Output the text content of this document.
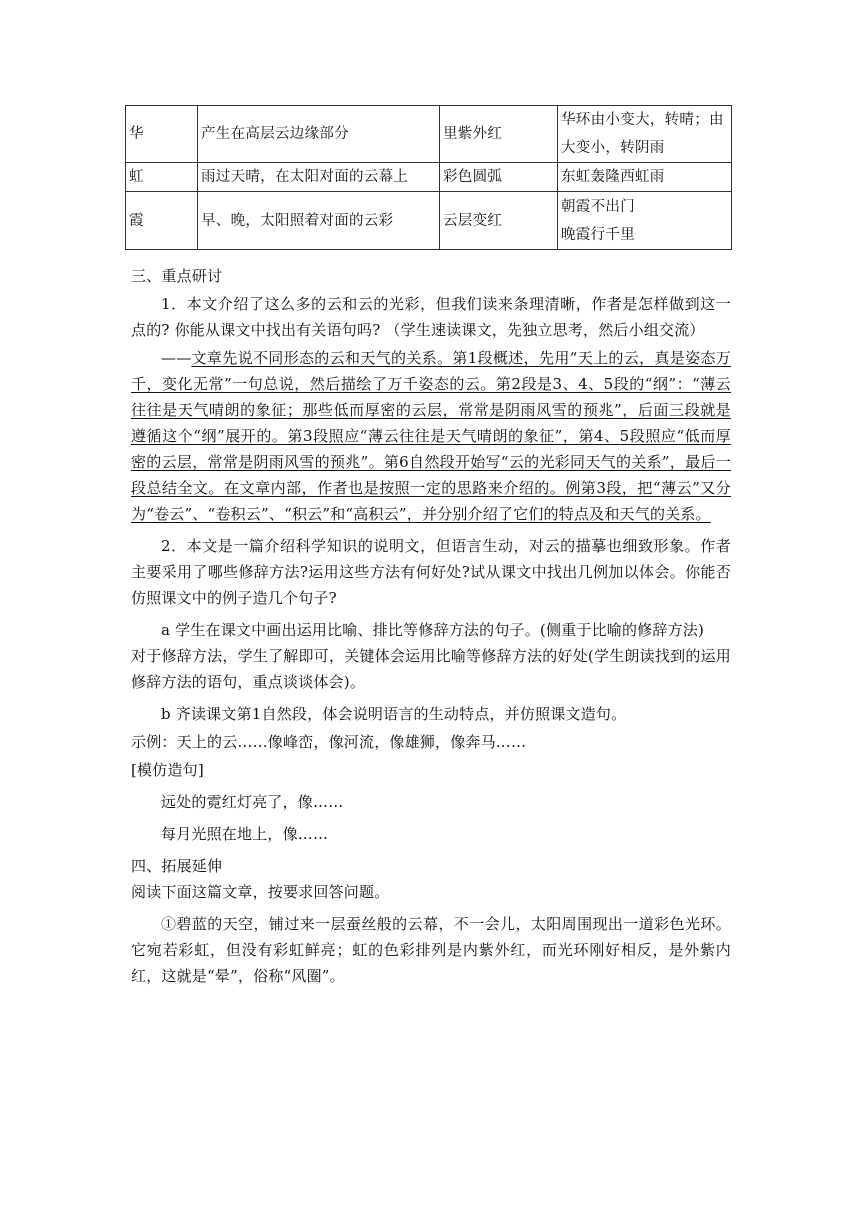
华	产生在高层云边缘部分	里紫外红	华环由小变大，转晴；由
大变小，转阴雨

虹	雨过天晴，在太阳对面的云幕上	彩色圆弧	东虹轰隆西虹雨

霞	早、晚，太阳照着对面的云彩	云层变红	朝霞不出门
晚霞行千里

三、重点研讨

1．本文介绍了这么多的云和云的光彩，但我们读来条理清晰，作者是怎样做到这一点的? 你能从课文中找出有关语句吗? （学生速读课文，先独立思考，然后小组交流）

——文章先说不同形态的云和天气的关系。第1段概述，先用“天上的云，真是姿态万千，变化无常”一句总说，然后描绘了万千姿态的云。第2段是3、4、5段的“纲”：“薄云往往是天气晴朗的象征；那些低而厚密的云层，常常是阴雨风雪的预兆”，后面三段就是遵循这个“纲”展开的。第3段照应“薄云往往是天气晴朗的象征”，第4、5段照应“低而厚密的云层，常常是阴雨风雪的预兆”。第6自然段开始写“云的光彩同天气的关系”，最后一段总结全文。在文章内部，作者也是按照一定的思路来介绍的。例第3段，把“薄云”又分为“卷云”、“卷积云”、“积云”和“高积云”，并分别介绍了它们的特点及和天气的关系。

2．本文是一篇介绍科学知识的说明文，但语言生动，对云的描摹也细致形象。作者主要采用了哪些修辞方法?运用这些方法有何好处?试从课文中找出几例加以体会。你能否仿照课文中的例子造几个句子?

a 学生在课文中画出运用比喻、排比等修辞方法的句子。(侧重于比喻的修辞方法)

对于修辞方法，学生了解即可，关键体会运用比喻等修辞方法的好处(学生朗读找到的运用修辞方法的语句，重点谈谈体会)。

b 齐读课文第1自然段，体会说明语言的生动特点，并仿照课文造句。

示例：天上的云……像峰峦，像河流，像雄狮，像奔马……

[模仿造句]

远处的霓红灯亮了，像……

每月光照在地上，像……

四、拓展延伸

阅读下面这篇文章，按要求回答问题。

①碧蓝的天空，铺过来一层蚕丝般的云幕，不一会儿，太阳周围现出一道彩色光环。它宛若彩虹，但没有彩虹鲜亮；虹的色彩排列是内紫外红，而光环刚好相反，是外紫内红，这就是“晕”，俗称“风圈”。
